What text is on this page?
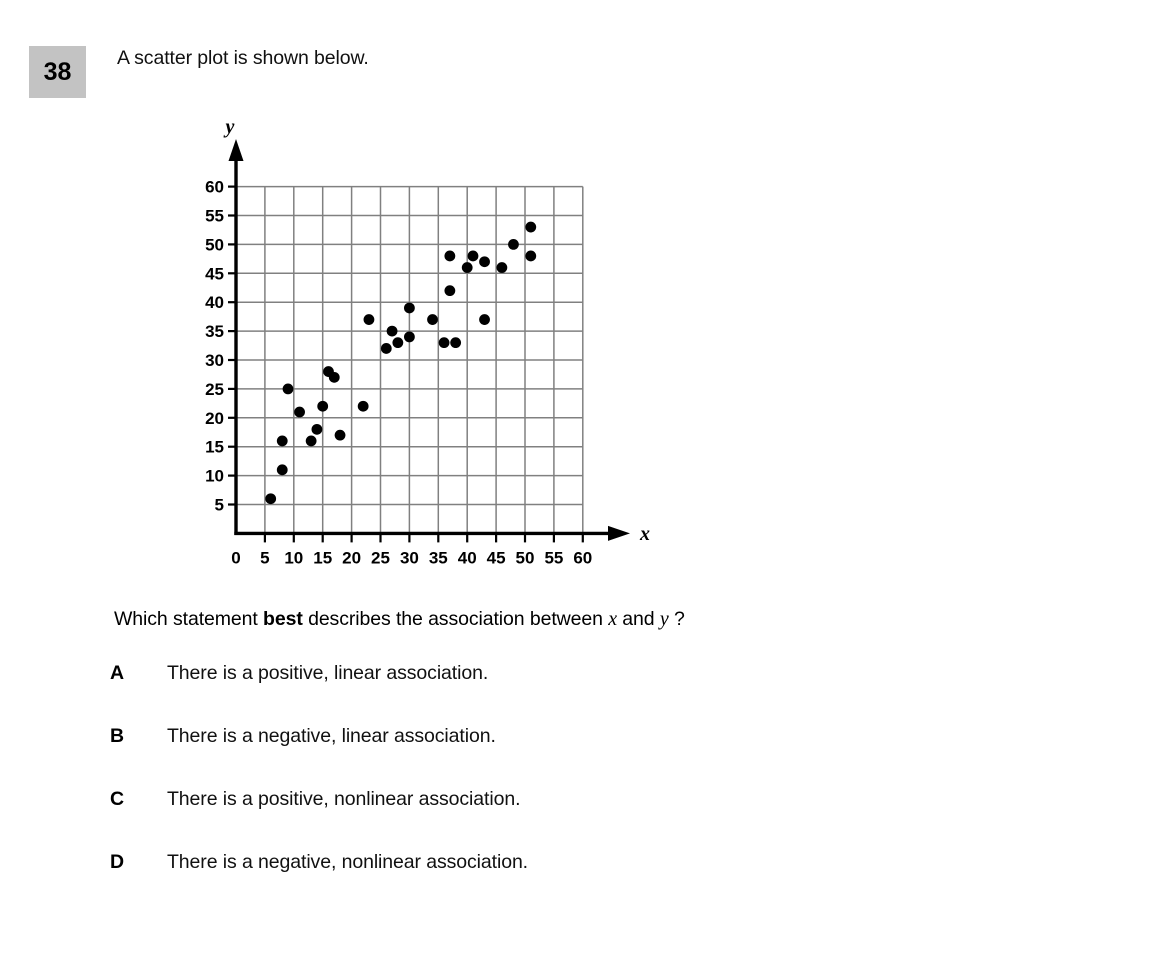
38 A scatter plot is shown below.
5
10
15
20
25
30
35
40
45
50
55
60
0 5 10 15 20 25 30 35 40 45 50 55 60
y
x
Which statement best describes the association between x and y ?
A	There is a positive, linear association.
B	There is a negative, linear association.
C	There is a positive, nonlinear association.
D	There is a negative, nonlinear association.
